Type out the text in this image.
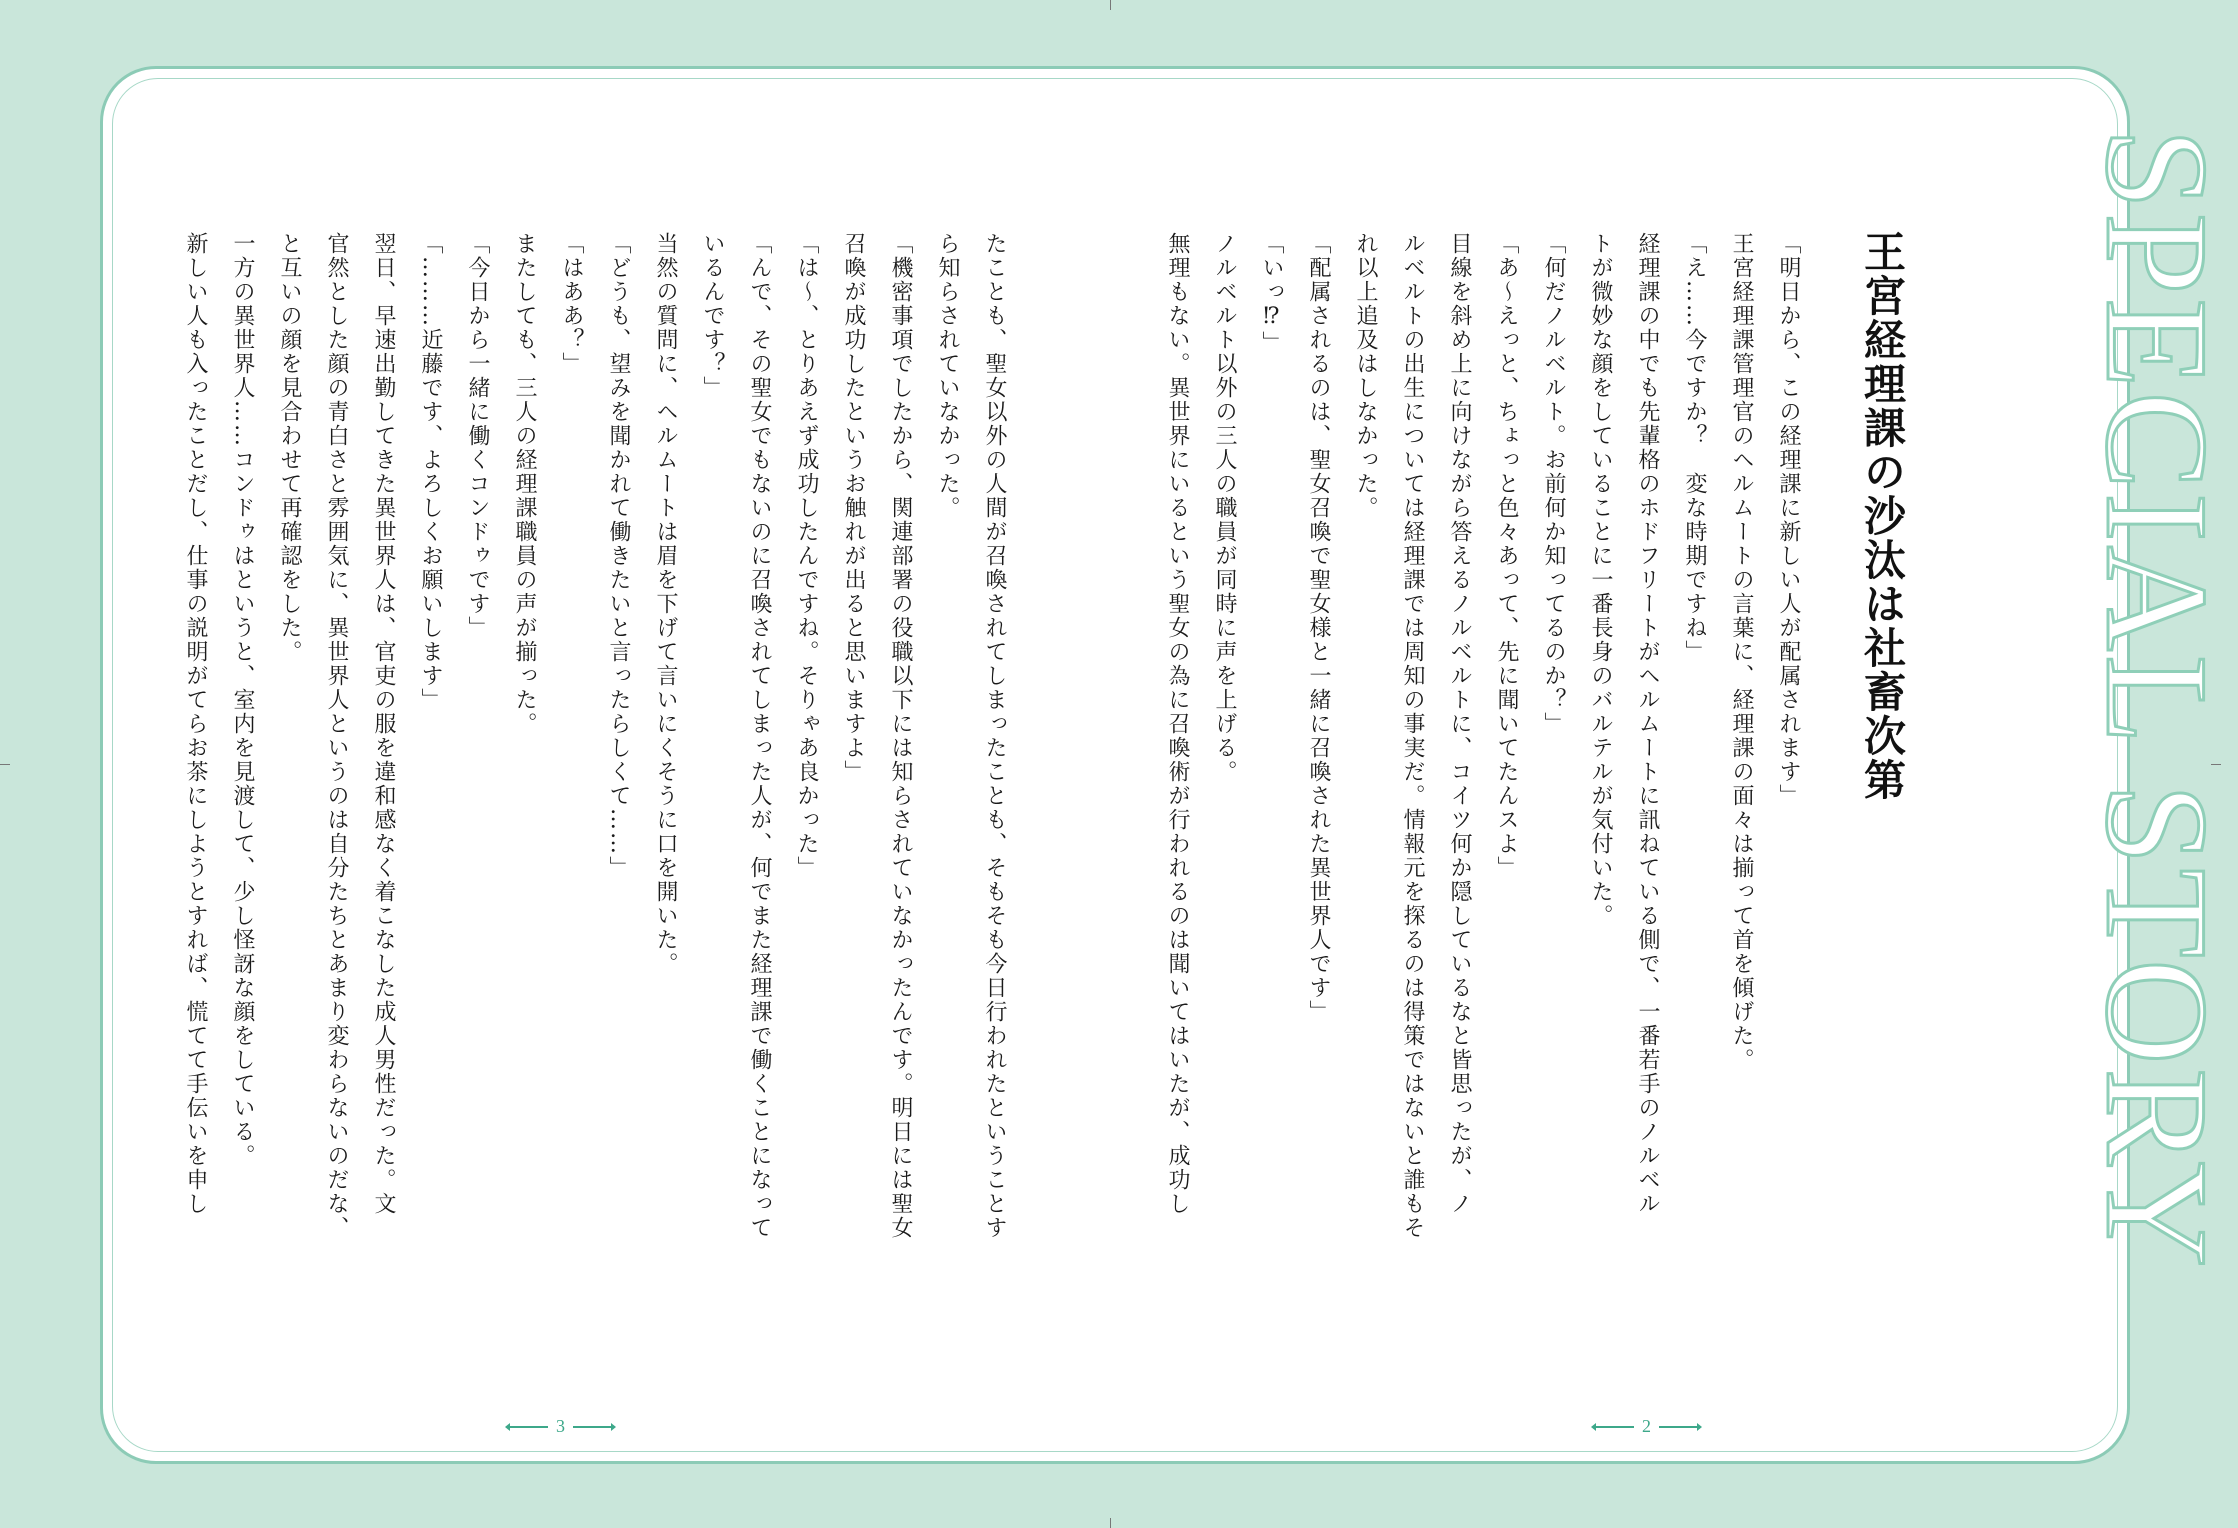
SPECIAL STORY
王宮経理課の沙汰は社畜次第

「明日から、この経理課に新しい人が配属されます」

王宮経理課管理官のヘルムートの言葉に、経理課の面々は揃って首を傾げた。

「え……今ですか？　変な時期ですね」

経理課の中でも先輩格のホドフリートがヘルムートに訊ねている側で、一番若手のノルベル

トが微妙な顔をしていることに一番長身のバルテルが気付いた。

「何だノルベルト。お前何か知ってるのか？」

「あ〜えっと、ちょっと色々あって、先に聞いてたんスよ」

目線を斜め上に向けながら答えるノルベルトに、コイツ何か隠しているなと皆思ったが、ノ

ルベルトの出生については経理課では周知の事実だ。情報元を探るのは得策ではないと誰もそ

れ以上追及はしなかった。

「配属されるのは、聖女召喚で聖女様と一緒に召喚された異世界人です」

「いっ⁉」

ノルベルト以外の三人の職員が同時に声を上げる。

無理もない。異世界にいるという聖女の為に召喚術が行われるのは聞いてはいたが、成功し

たことも、聖女以外の人間が召喚されてしまったことも、そもそも今日行われたということす

ら知らされていなかった。

「機密事項でしたから、関連部署の役職以下には知らされていなかったんです。明日には聖女

召喚が成功したというお触れが出ると思いますよ」

「は〜、とりあえず成功したんですね。そりゃあ良かった」

「んで、その聖女でもないのに召喚されてしまった人が、何でまた経理課で働くことになって

いるんです？」

当然の質問に、ヘルムートは眉を下げて言いにくそうに口を開いた。

「どうも、望みを聞かれて働きたいと言ったらしくて……」

「はああ？」

またしても、三人の経理課職員の声が揃った。

「今日から一緒に働くコンドゥです」

「………近藤です、よろしくお願いします」

翌日、早速出勤してきた異世界人は、官吏の服を違和感なく着こなした成人男性だった。文

官然とした顔の青白さと雰囲気に、異世界人というのは自分たちとあまり変わらないのだな、

と互いの顔を見合わせて再確認をした。

一方の異世界人……コンドゥはというと、室内を見渡して、少し怪訝な顔をしている。

新しい人も入ったことだし、仕事の説明がてらお茶にしようとすれば、慌てて手伝いを申し

2
3
